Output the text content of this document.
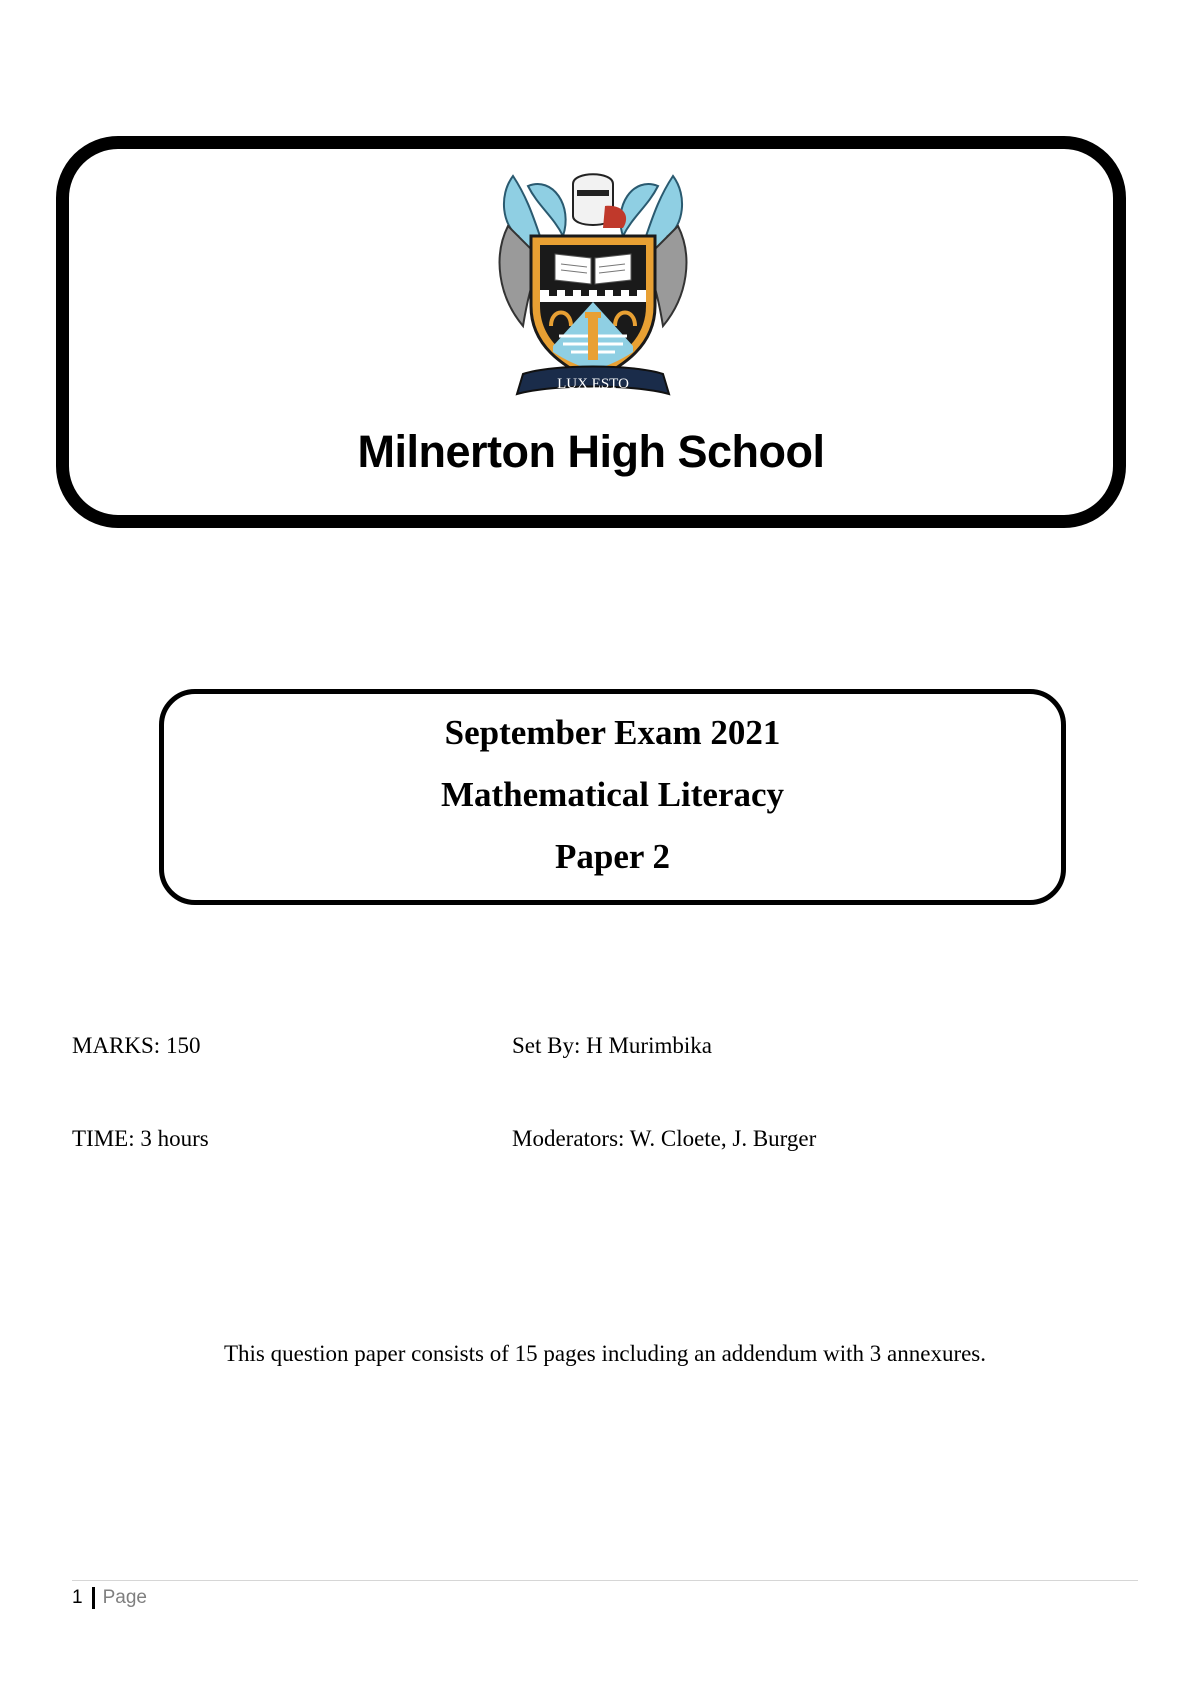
LUX ESTO
Milnerton High School
September Exam 2021
Mathematical Literacy
Paper 2
MARKS: 150	Set By: H Murimbika
TIME: 3 hours	Moderators: W. Cloete, J. Burger
This question paper consists of 15 pages including an addendum with 3 annexures.
1 Page
